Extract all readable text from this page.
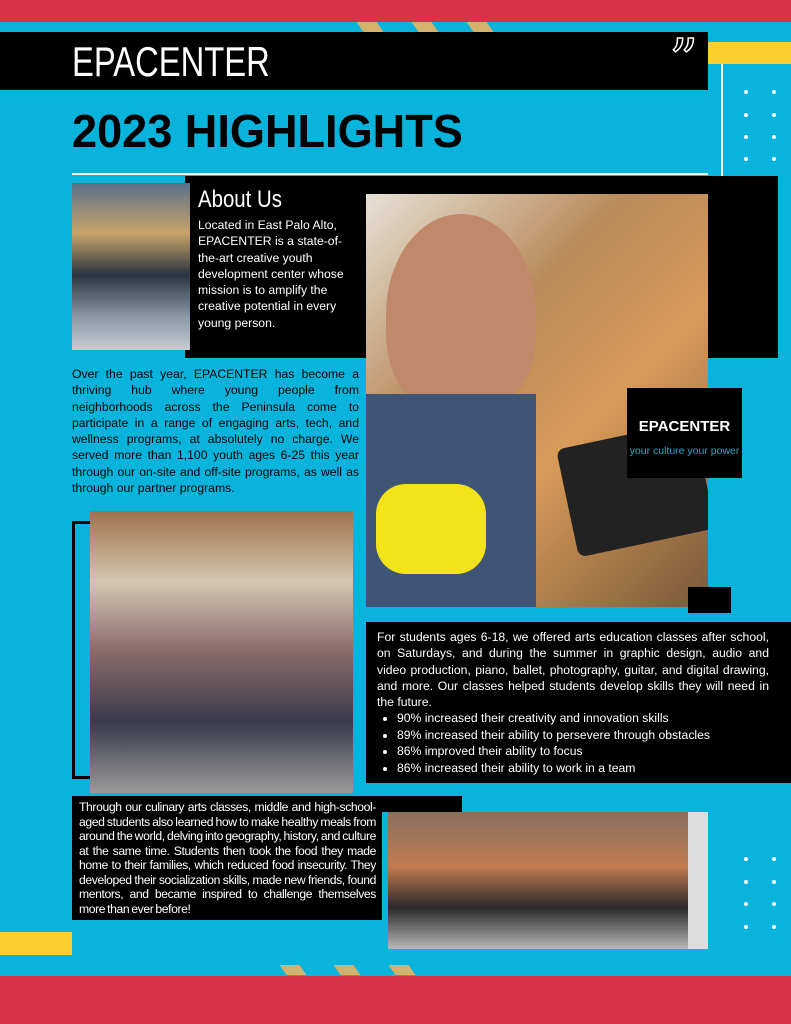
EPACENTER	”
2023 HIGHLIGHTS
About Us
Located in East Palo Alto, EPACENTER is a state-of-the-art creative youth development center whose mission is to amplify the creative potential in every young person.
EPACENTER
your culture your power

Over the past year, EPACENTER has become a thriving hub where young people from neighborhoods across the Peninsula come to participate in a range of engaging arts, tech, and wellness programs, at absolutely no charge. We served more than 1,100 youth ages 6-25 this year through our on-site and off-site programs, as well as through our partner programs.

For students ages 6-18, we offered arts education classes after school, on Saturdays, and during the summer in graphic design, audio and video production, piano, ballet, photography, guitar, and digital drawing, and more. Our classes helped students develop skills they will need in the future.

• 90% increased their creativity and innovation skills
• 89% increased their ability to persevere through obstacles
• 86% improved their ability to focus
• 86% increased their ability to work in a team

Through our culinary arts classes, middle and high-school-aged students also learned how to make healthy meals from around the world, delving into geography, history, and culture at the same time. Students then took the food they made home to their families, which reduced food insecurity. They developed their socialization skills, made new friends, found mentors, and became inspired to challenge themselves more than ever before!
